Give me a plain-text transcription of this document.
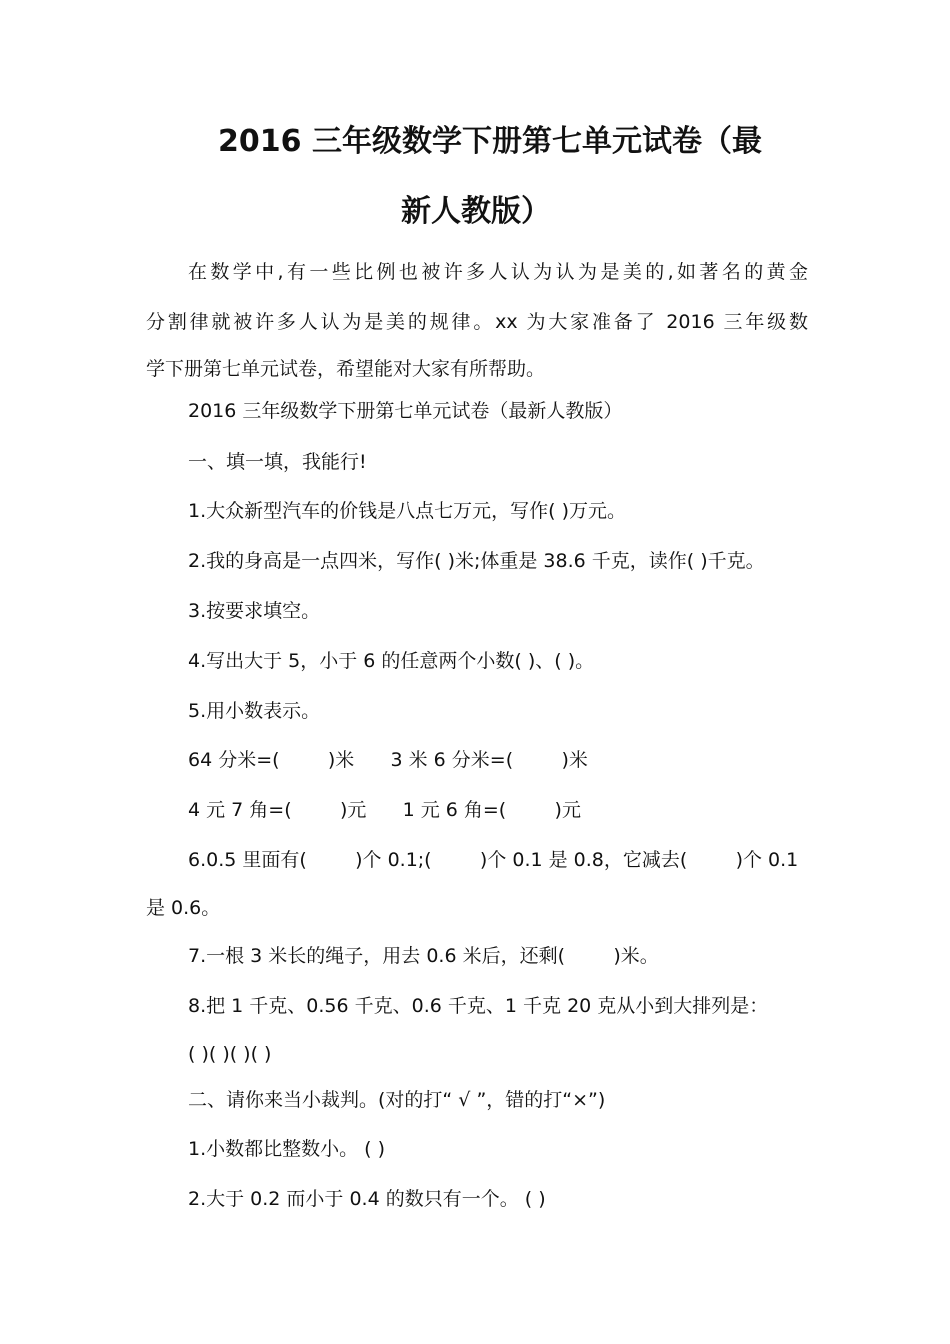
2016 三年级数学下册第七单元试卷（最
新人教版）
在数学中,有一些比例也被许多人认为认为是美的,如著名的黄金
分割律就被许多人认为是美的规律。xx 为大家准备了 2016 三年级数
学下册第七单元试卷，希望能对大家有所帮助。
2016 三年级数学下册第七单元试卷（最新人教版）
一、填一填，我能行!
1.大众新型汽车的价钱是八点七万元，写作( )万元。
2.我的身高是一点四米，写作( )米;体重是 38.6 千克，读作( )千克。
3.按要求填空。
4.写出大于 5，小于 6 的任意两个小数( )、( )。
5.用小数表示。
64 分米=(        )米      3 米 6 分米=(        )米
4 元 7 角=(        )元      1 元 6 角=(        )元
6.0.5 里面有(        )个 0.1;(        )个 0.1 是 0.8，它减去(        )个 0.1
是 0.6。
7.一根 3 米长的绳子，用去 0.6 米后，还剩(        )米。
8.把 1 千克、0.56 千克、0.6 千克、1 千克 20 克从小到大排列是：
( )( )( )( )
二、请你来当小裁判。(对的打“ √ ”，错的打“×”)
1.小数都比整数小。 ( )
2.大于 0.2 而小于 0.4 的数只有一个。 ( )
